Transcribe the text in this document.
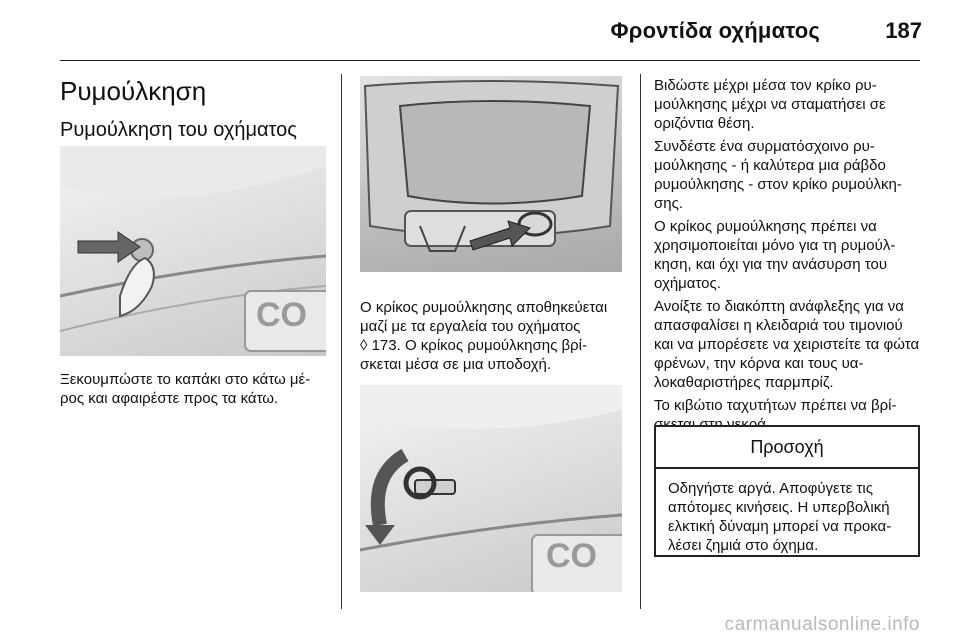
Φροντίδα οχήματος	187
Ρυμούλκηση
Ρυμούλκηση του οχήματος
CO

Ξεκουμπώστε το καπάκι στο κάτω μέ- ρος και αφαιρέστε προς τα κάτω.

Ο κρίκος ρυμούλκησης αποθηκεύεται μαζί με τα εργαλεία του οχήματος

◊ 173. Ο κρίκος ρυμούλκησης βρί- σκεται μέσα σε μια υποδοχή.

CO

Βιδώστε μέχρι μέσα τον κρίκο ρυ- μούλκησης μέχρι να σταματήσει σε οριζόντια θέση.

Συνδέστε ένα συρματόσχοινο ρυ- μούλκησης - ή καλύτερα μια ράβδο ρυμούλκησης - στον κρίκο ρυμούλκη- σης.

Ο κρίκος ρυμούλκησης πρέπει να χρησιμοποιείται μόνο για τη ρυμούλ- κηση, και όχι για την ανάσυρση του οχήματος.

Ανοίξτε το διακόπτη ανάφλεξης για να απασφαλίσει η κλειδαριά του τιμονιού και να μπορέσετε να χειριστείτε τα φώτα φρένων, την κόρνα και τους υα- λοκαθαριστήρες παρμπρίζ.

Το κιβώτιο ταχυτήτων πρέπει να βρί-

Προσοχή
Οδηγήστε αργά. Αποφύγετε τις απότομες κινήσεις. Η υπερβολική ελκτική δύναμη μπορεί να προκα- λέσει ζημιά στο όχημα.
carmanualsonline.info
